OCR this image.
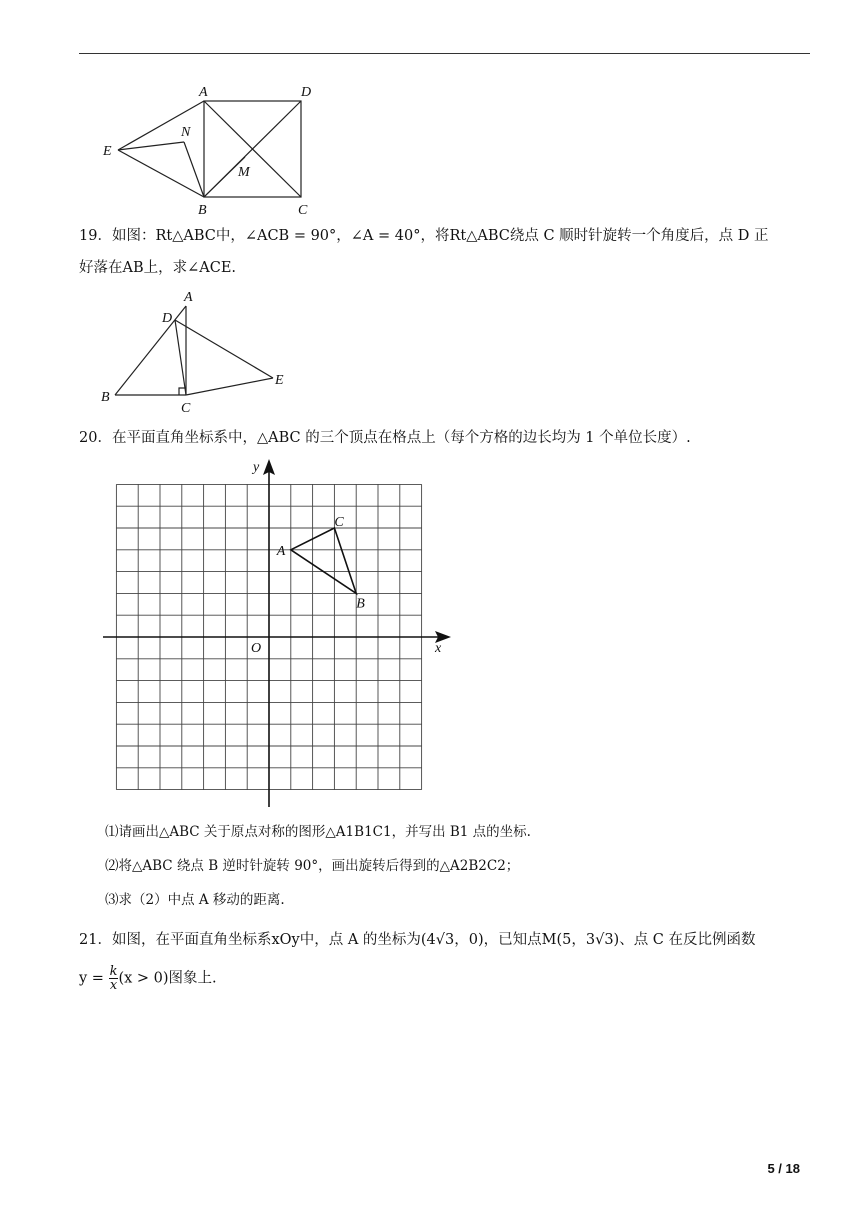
A	D
E
N
M
B	C
19．如图：Rt△ABC中，∠ACB = 90°，∠A = 40°，将Rt△ABC绕点 C 顺时针旋转一个角度后，点 D 正
好落在AB上，求∠ACE.
A
D
B
C
E
20．在平面直角坐标系中，△ABC 的三个顶点在格点上（每个方格的边长均为 1 个单位长度）.
x
y
O
A
B
C
⑴请画出△ABC 关于原点对称的图形△A1B1C1，并写出 B1 点的坐标.
⑵将△ABC 绕点 B 逆时针旋转 90°，画出旋转后得到的△A2B2C2；
⑶求（2）中点 A 移动的距离.
21．如图，在平面直角坐标系xOy中，点 A 的坐标为(4√3，0)，已知点M(5，3√3)、点 C 在反比例函数
$y = \frac{k}{x} (x > 0)$图象上.
5 / 18
